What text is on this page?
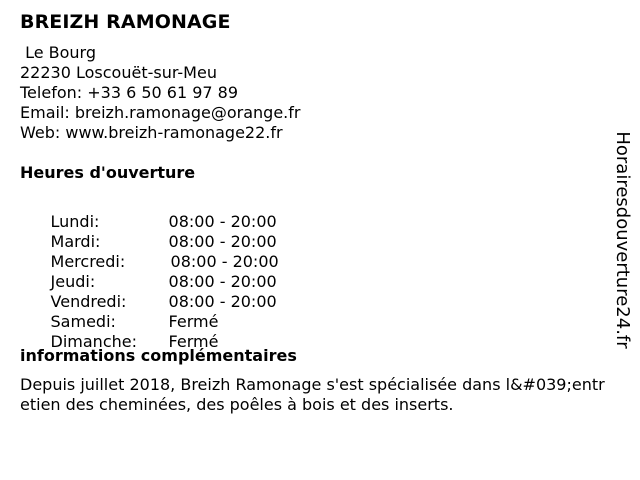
BREIZH RAMONAGE
Le Bourg
22230 Loscouët-sur-Meu
Telefon: +33 6 50 61 97 89
Email: breizh.ramonage@orange.fr
Web: www.breizh-ramonage22.fr
Heures d'ouverture

Lundi:	08:00 - 20:00

Mardi:	08:00 - 20:00

Mercredi:	08:00 - 20:00

Jeudi:	08:00 - 20:00

Vendredi:	08:00 - 20:00

Samedi:	Fermé

Dimanche: Fermé

informations complémentaires

Depuis juillet 2018, Breizh Ramonage s'est spécialisée dans l&#039;entretien des cheminées, des poêles à bois et des inserts.

Horairesdouverture24.fr
